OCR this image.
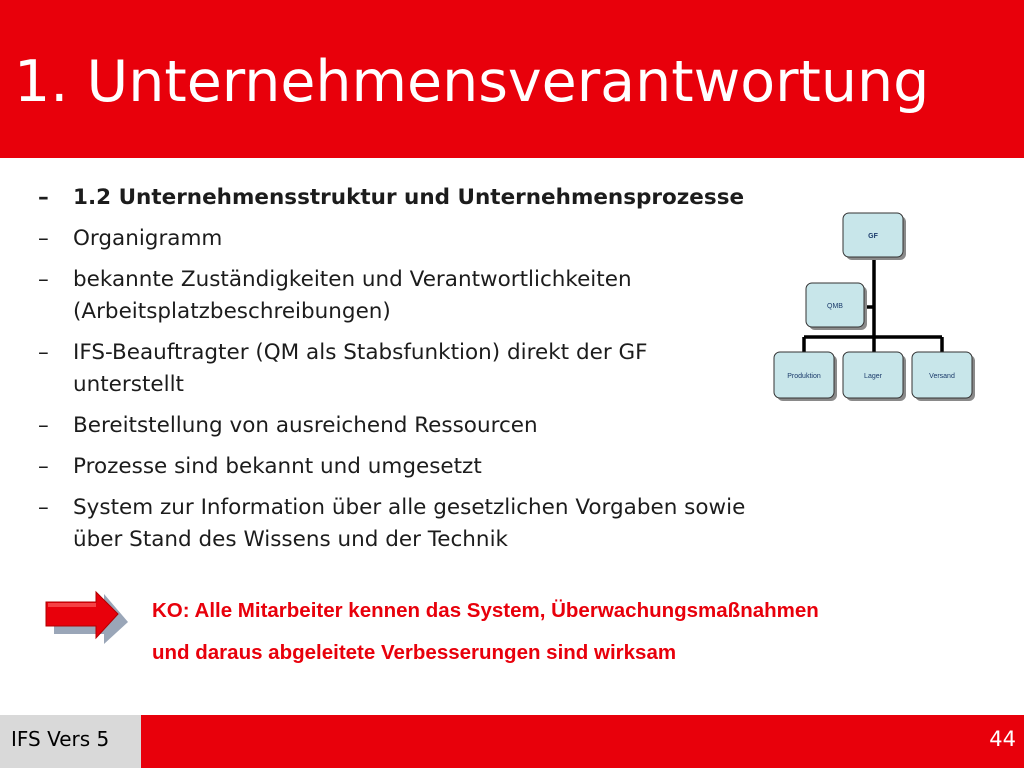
1. Unternehmensverantwortung
– 1.2 Unternehmensstruktur und Unternehmensprozesse
– Organigramm
– bekannte Zuständigkeiten und Verantwortlichkeiten (Arbeitsplatzbeschreibungen)
– IFS-Beauftragter (QM als Stabsfunktion) direkt der GF unterstellt
– Bereitstellung von ausreichend Ressourcen
– Prozesse sind bekannt und umgesetzt
– System zur Information über alle gesetzlichen Vorgaben sowie über Stand des Wissens und der Technik
GF
QMB
Produktion	Lager	Versand
KO: Alle Mitarbeiter kennen das System, Überwachungsmaßnahmen
und daraus abgeleitete Verbesserungen sind wirksam
IFS Vers 5	44
